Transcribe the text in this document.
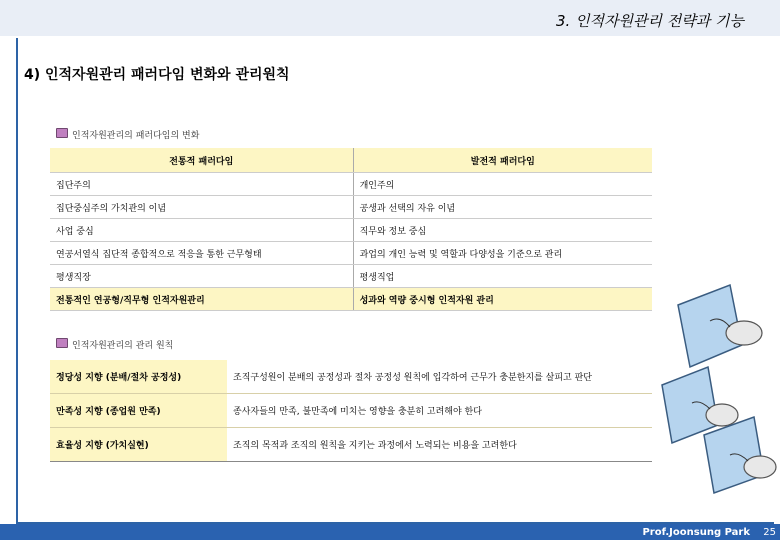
3. 인적자원관리 전략과 기능
4) 인적자원관리 패러다임 변화와 관리원칙
인적자원관리의 패러다임의 변화
전통적 패러다임	발전적 패러다임
집단주의	개인주의
집단중심주의 가치관의 이념	공생과 선택의 자유 이념
사업 중심	직무와 정보 중심
연공서열식 집단적 종합적으로 적응을 통한 근무형태	과업의 개인 능력 및 역할과 다양성을 기준으로 관리
평생직장	평생직업
전통적인 연공형/직무형 인적자원관리	성과와 역량 중시형 인적자원 관리
인적자원관리의 관리 원칙
정당성 지향 (분배/절차 공정성)	조직구성원이 분배의 공정성과 절차 공정성 원칙에 입각하여 근무가 충분한지를 살피고 판단
만족성 지향 (종업원 만족)	종사자들의 만족, 불만족에 미치는 영향을 충분히 고려해야 한다
효율성 지향 (가치실현)	조직의 목적과 조직의 원칙을 지키는 과정에서 노력되는 비용을 고려한다
Prof.Joonsung Park 25
